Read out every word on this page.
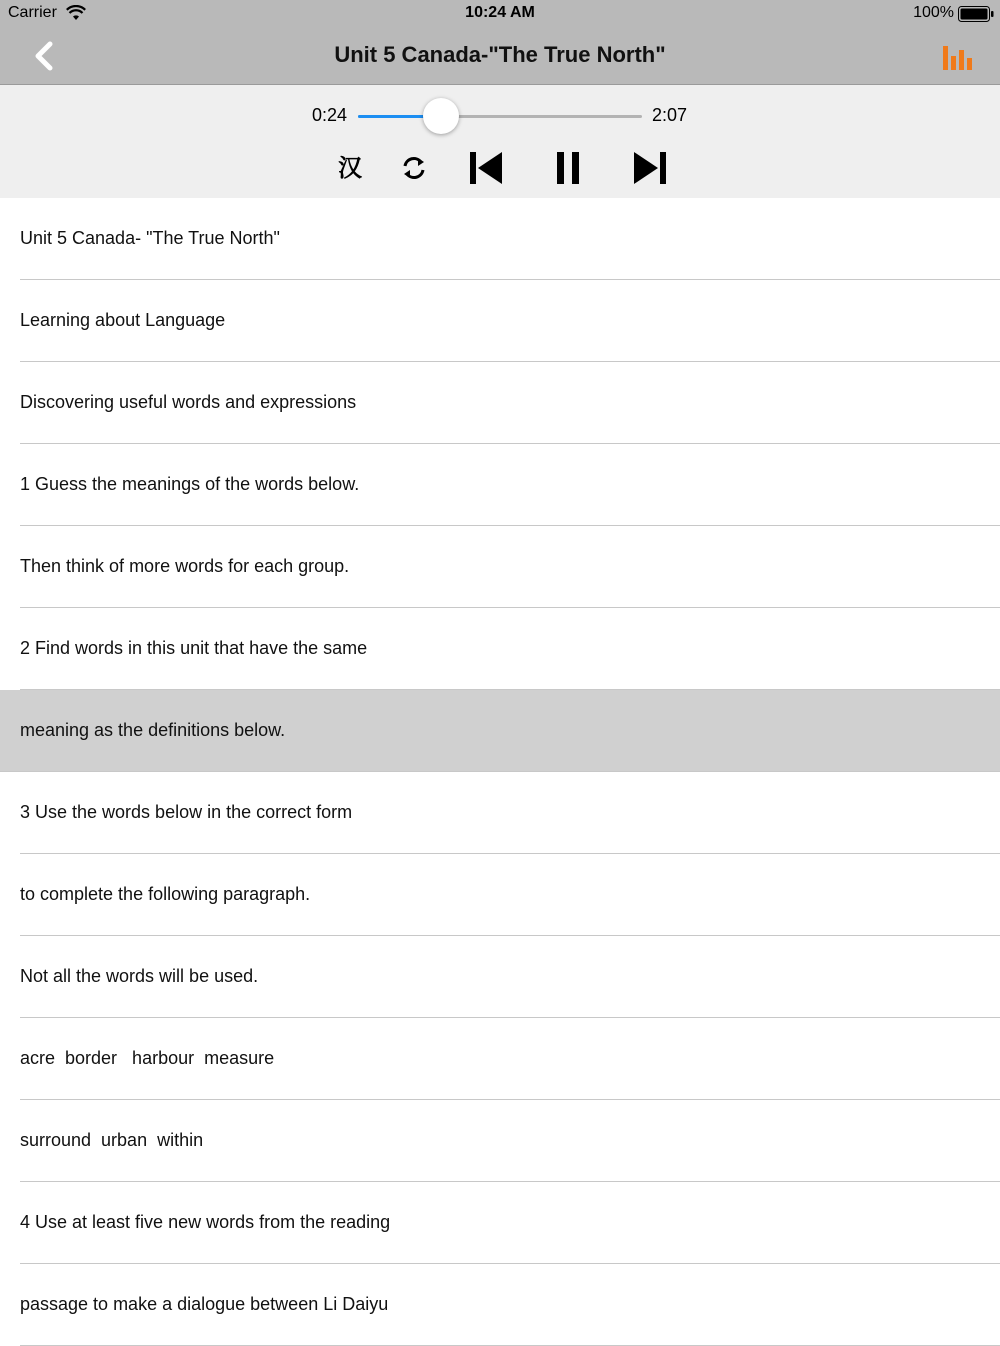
Carrier	10:24 AM	100%
Unit 5 Canada-"The True North"
0:24	2:07
汉
Unit 5 Canada- "The True North"
Learning about Language
Discovering useful words and expressions
1 Guess the meanings of the words below.
Then think of more words for each group.
2 Find words in this unit that have the same
meaning as the definitions below.
3 Use the words below in the correct form
to complete the following paragraph.
Not all the words will be used.
acre  border   harbour  measure
surround  urban  within
4 Use at least five new words from the reading
passage to make a dialogue between Li Daiyu
